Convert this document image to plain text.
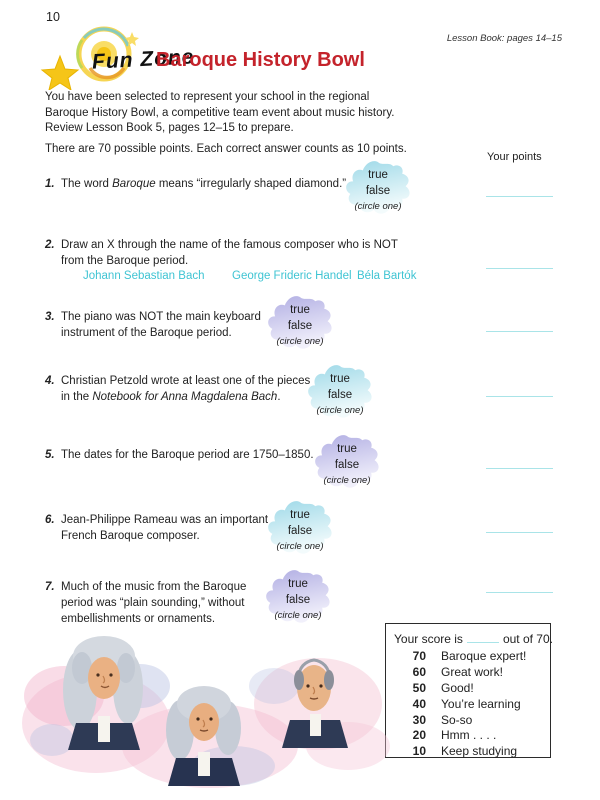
10
Lesson Book: pages 14–15
Fun Zone
Baroque History Bowl
You have been selected to represent your school in the regional
Baroque History Bowl, a competitive team event about music history.
Review Lesson Book 5, pages 12–15 to prepare.
There are 70 possible points. Each correct answer counts as 10 points.
Your points
1. The word Baroque means “irregularly shaped diamond.”
true
false
(circle one)
2. Draw an X through the name of the famous composer who is NOT
from the Baroque period.
Johann Sebastian Bach George Frideric Handel Béla Bartók
3. The piano was NOT the main keyboard
instrument of the Baroque period.
true
false
(circle one)
4. Christian Petzold wrote at least one of the pieces
in the Notebook for Anna Magdalena Bach.
true
false
(circle one)
5. The dates for the Baroque period are 1750–1850.	true
false
(circle one)
6. Jean-Philippe Rameau was an important
French Baroque composer.
true
false
(circle one)
7. Much of the music from the Baroque
period was “plain sounding,” without
embellishments or ornaments.
true
false
(circle one)
Your score is	out of 70.
70 Baroque expert!
60 Great work!
50 Good!
40 You’re learning
30 So-so
20 Hmm . . . .
10 Keep studying
